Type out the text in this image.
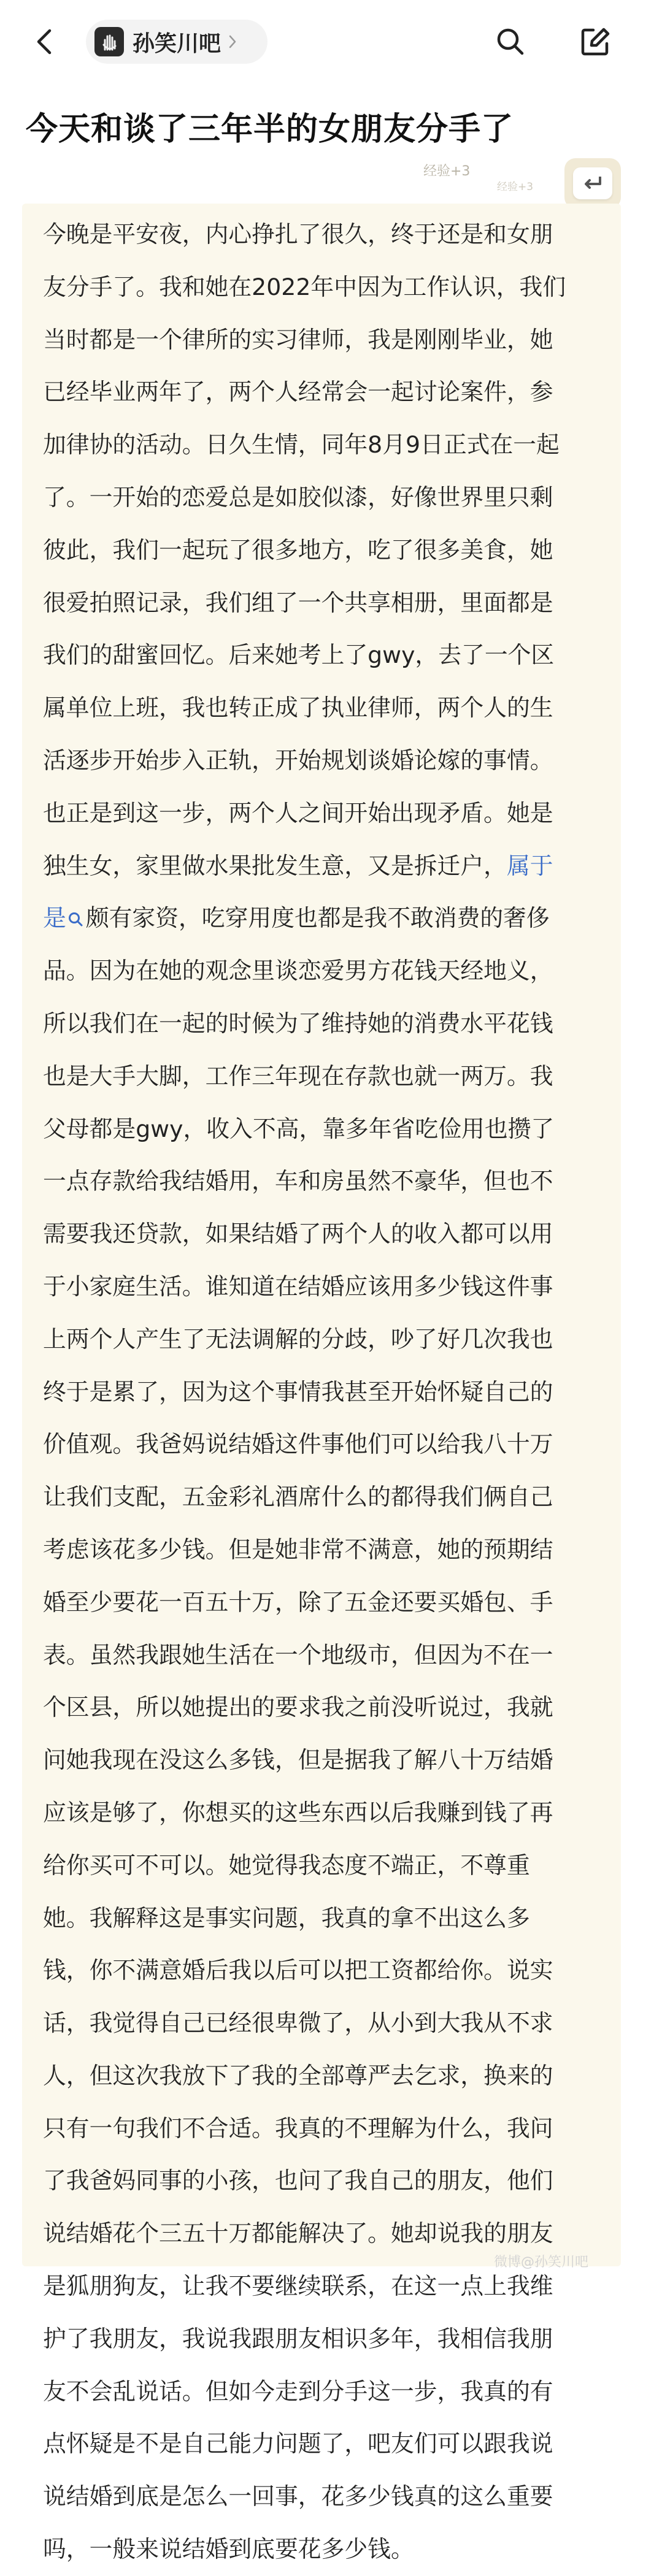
孙笑川吧
今天和谈了三年半的女朋友分手了
经验+3
经验+3
今晚是平安夜，内心挣扎了很久，终于还是和女朋
友分手了。我和她在2022年中因为工作认识，我们
当时都是一个律所的实习律师，我是刚刚毕业，她
已经毕业两年了，两个人经常会一起讨论案件，参
加律协的活动。日久生情，同年8月9日正式在一起
了。一开始的恋爱总是如胶似漆，好像世界里只剩
彼此，我们一起玩了很多地方，吃了很多美食，她
很爱拍照记录，我们组了一个共享相册，里面都是
我们的甜蜜回忆。后来她考上了gwy，去了一个区
属单位上班，我也转正成了执业律师，两个人的生
活逐步开始步入正轨，开始规划谈婚论嫁的事情。
也正是到这一步，两个人之间开始出现矛盾。她是
独生女，家里做水果批发生意，又是拆迁户，属于
是 颇有家资，吃穿用度也都是我不敢消费的奢侈
品。因为在她的观念里谈恋爱男方花钱天经地义，
所以我们在一起的时候为了维持她的消费水平花钱
也是大手大脚，工作三年现在存款也就一两万。我
父母都是gwy，收入不高，靠多年省吃俭用也攒了
一点存款给我结婚用，车和房虽然不豪华，但也不
需要我还贷款，如果结婚了两个人的收入都可以用
于小家庭生活。谁知道在结婚应该用多少钱这件事
上两个人产生了无法调解的分歧，吵了好几次我也
终于是累了，因为这个事情我甚至开始怀疑自己的
价值观。我爸妈说结婚这件事他们可以给我八十万
让我们支配，五金彩礼酒席什么的都得我们俩自己
考虑该花多少钱。但是她非常不满意，她的预期结
婚至少要花一百五十万，除了五金还要买婚包、手
表。虽然我跟她生活在一个地级市，但因为不在一
个区县，所以她提出的要求我之前没听说过，我就
问她我现在没这么多钱，但是据我了解八十万结婚
应该是够了，你想买的这些东西以后我赚到钱了再
给你买可不可以。她觉得我态度不端正，不尊重
她。我解释这是事实问题，我真的拿不出这么多
钱，你不满意婚后我以后可以把工资都给你。说实
话，我觉得自己已经很卑微了，从小到大我从不求
人，但这次我放下了我的全部尊严去乞求，换来的
只有一句我们不合适。我真的不理解为什么，我问
了我爸妈同事的小孩，也问了我自己的朋友，他们
说结婚花个三五十万都能解决了。她却说我的朋友
是狐朋狗友，让我不要继续联系，在这一点上我维
护了我朋友，我说我跟朋友相识多年，我相信我朋
友不会乱说话。但如今走到分手这一步，我真的有
点怀疑是不是自己能力问题了，吧友们可以跟我说
说结婚到底是怎么一回事，花多少钱真的这么重要
吗，一般来说结婚到底要花多少钱。
微博@孙笑川吧
